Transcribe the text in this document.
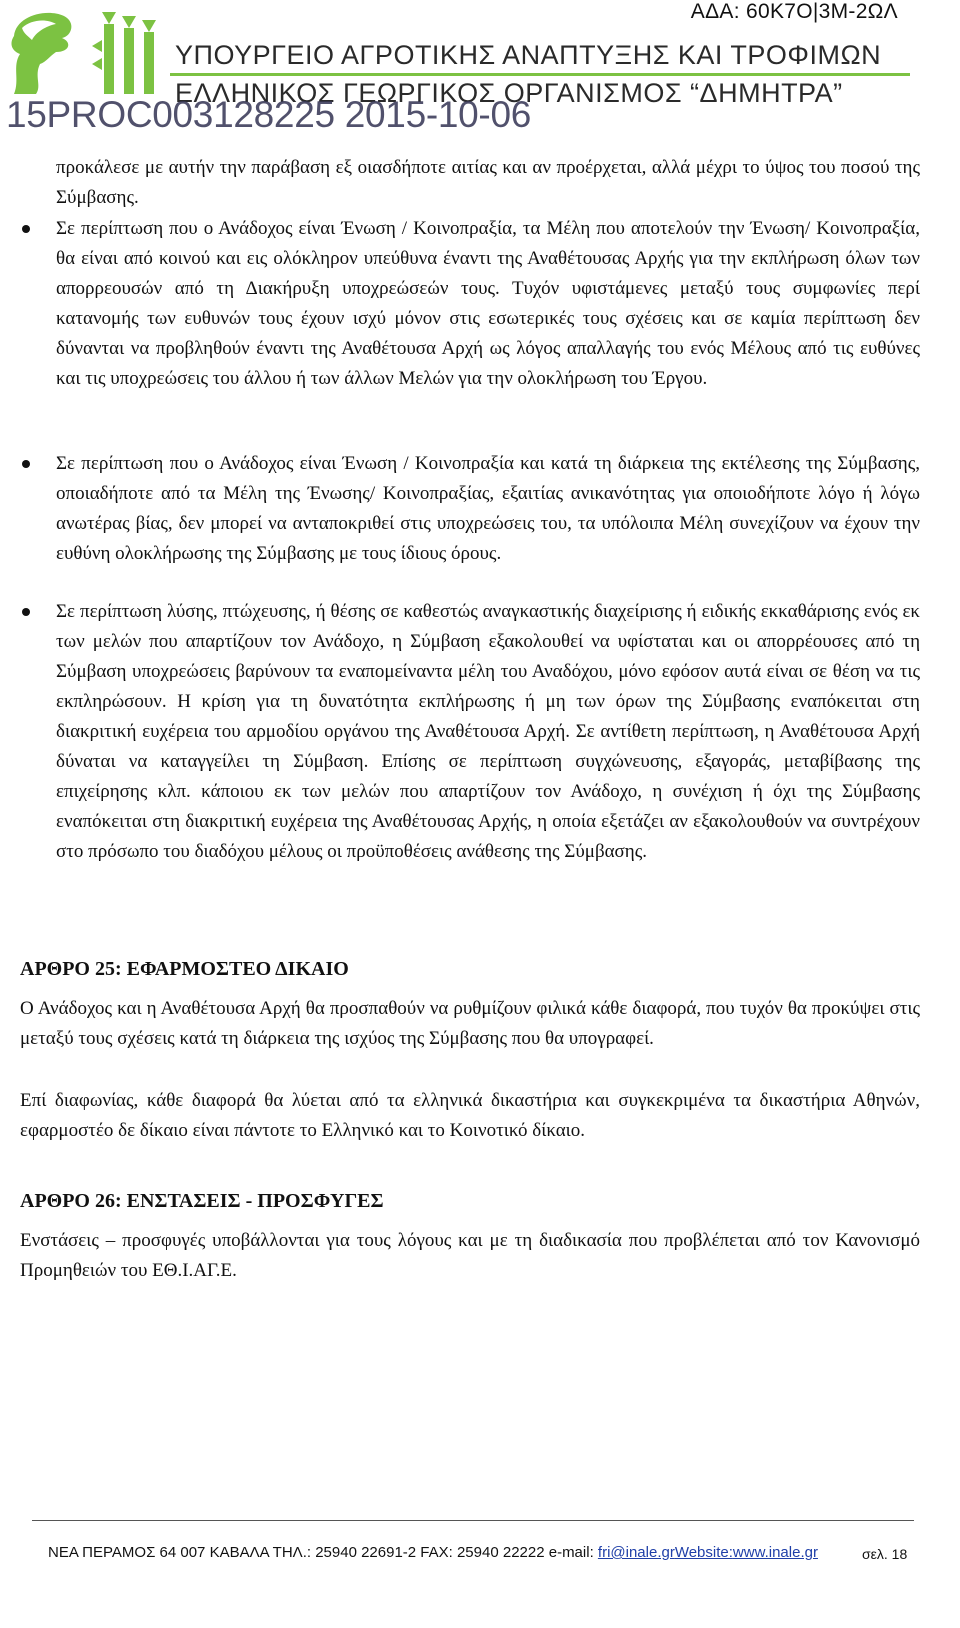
ΑΔΑ: 60Κ7Ο|3Μ-2ΩΛ
ΥΠΟΥΡΓΕΙΟ ΑΓΡΟΤΙΚΗΣ ΑΝΑΠΤΥΞΗΣ ΚΑΙ ΤΡΟΦΙΜΩΝ
ΕΛΛΗΝΙΚΟΣ ΓΕΩΡΓΙΚΟΣ ΟΡΓΑΝΙΣΜΟΣ “ΔΗΜΗΤΡΑ”
15PROC003128225 2015-10-06
προκάλεσε με αυτήν την παράβαση εξ οιασδήποτε αιτίας και αν προέρχεται, αλλά μέχρι το ύψος του ποσού της Σύμβασης.
Σε περίπτωση που ο Ανάδοχος είναι Ένωση / Κοινοπραξία, τα Μέλη που αποτελούν την Ένωση/ Κοινοπραξία, θα είναι από κοινού και εις ολόκληρον υπεύθυνα έναντι της Αναθέτουσας Αρχής για την εκπλήρωση όλων των απορρεουσών από τη Διακήρυξη υποχρεώσεών τους. Τυχόν υφιστάμενες μεταξύ τους συμφωνίες περί κατανομής των ευθυνών τους έχουν ισχύ μόνον στις εσωτερικές τους σχέσεις και σε καμία περίπτωση δεν δύνανται να προβληθούν έναντι της Αναθέτουσα Αρχή ως λόγος απαλλαγής του ενός Μέλους από τις ευθύνες και τις υποχρεώσεις του άλλου ή των άλλων Μελών για την ολοκλήρωση του Έργου.
Σε περίπτωση που ο Ανάδοχος είναι Ένωση / Κοινοπραξία και κατά τη διάρκεια της εκτέλεσης της Σύμβασης, οποιαδήποτε από τα Μέλη της Ένωσης/ Κοινοπραξίας, εξαιτίας ανικανότητας για οποιοδήποτε λόγο ή λόγω ανωτέρας βίας, δεν μπορεί να ανταποκριθεί στις υποχρεώσεις του, τα υπόλοιπα Μέλη συνεχίζουν να έχουν την ευθύνη ολοκλήρωσης της Σύμβασης με τους ίδιους όρους.
Σε περίπτωση λύσης, πτώχευσης, ή θέσης σε καθεστώς αναγκαστικής διαχείρισης ή ειδικής εκκαθάρισης ενός εκ των μελών που απαρτίζουν τον Ανάδοχο, η Σύμβαση εξακολουθεί να υφίσταται και οι απορρέουσες από τη Σύμβαση υποχρεώσεις βαρύνουν τα εναπομείναντα μέλη του Αναδόχου, μόνο εφόσον αυτά είναι σε θέση να τις εκπληρώσουν. Η κρίση για τη δυνατότητα εκπλήρωσης ή μη των όρων της Σύμβασης εναπόκειται στη διακριτική ευχέρεια του αρμοδίου οργάνου της Αναθέτουσα Αρχή. Σε αντίθετη περίπτωση, η Αναθέτουσα Αρχή δύναται να καταγγείλει τη Σύμβαση. Επίσης σε περίπτωση συγχώνευσης, εξαγοράς, μεταβίβασης της επιχείρησης κλπ. κάποιου εκ των μελών που απαρτίζουν τον Ανάδοχο, η συνέχιση ή όχι της Σύμβασης εναπόκειται στη διακριτική ευχέρεια της Αναθέτουσας Αρχής, η οποία εξετάζει αν εξακολουθούν να συντρέχουν στο πρόσωπο του διαδόχου μέλους οι προϋποθέσεις ανάθεσης της Σύμβασης.
ΑΡΘΡΟ 25: ΕΦΑΡΜΟΣΤΕΟ ΔΙΚΑΙΟ
Ο Ανάδοχος και η Αναθέτουσα Αρχή θα προσπαθούν να ρυθμίζουν φιλικά κάθε διαφορά, που τυχόν θα προκύψει στις μεταξύ τους σχέσεις κατά τη διάρκεια της ισχύος της Σύμβασης που θα υπογραφεί.
Επί διαφωνίας, κάθε διαφορά θα λύεται από τα ελληνικά δικαστήρια και συγκεκριμένα τα δικαστήρια Αθηνών, εφαρμοστέο δε δίκαιο είναι πάντοτε το Ελληνικό και το Κοινοτικό δίκαιο.
ΑΡΘΡΟ 26: ΕΝΣΤΑΣΕΙΣ - ΠΡΟΣΦΥΓΕΣ
Ενστάσεις – προσφυγές υποβάλλονται για τους λόγους και με τη διαδικασία που προβλέπεται από τον Κανονισμό Προμηθειών του ΕΘ.Ι.ΑΓ.Ε.
ΝΕΑ ΠΕΡΑΜΟΣ 64 007 ΚΑΒΑΛΑ ΤΗΛ.: 25940 22691-2 FAX: 25940 22222 e-mail: fri@inale.grWebsite:www.inale.gr	σελ. 18
